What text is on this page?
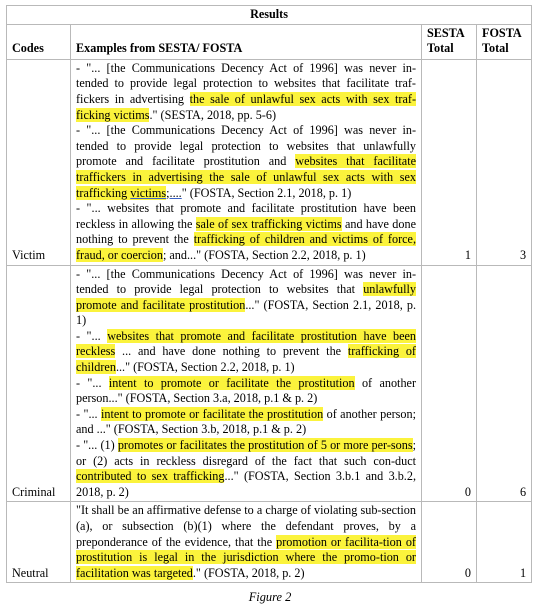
Results			
Codes	Examples from SESTA/ FOSTA	SESTA Total	FOSTA Total
Victim	- "... [the Communications Decency Act of 1996] was never in-tended to provide legal protection to websites that facilitate traf-fickers in advertising the sale of unlawful sex acts with sex traf-ficking victims." (SESTA, 2018, pp. 5-6)

- "... [the Communications Decency Act of 1996] was never in-tended to provide legal protection to websites that unlawfully promote and facilitate prostitution and websites that facilitate traffickers in advertising the sale of unlawful sex acts with sex trafficking victims;...." (FOSTA, Section 2.1, 2018, p. 1)

- "... websites that promote and facilitate prostitution have been reckless in allowing the sale of sex trafficking victims and have done nothing to prevent the trafficking of children and victims of force, fraud, or coercion; and..." (FOSTA, Section 2.2, 2018, p. 1)	1	3
Criminal	- "... [the Communications Decency Act of 1996] was never in-tended to provide legal protection to websites that unlawfully promote and facilitate prostitution..." (FOSTA, Section 2.1, 2018, p. 1)

- "... websites that promote and facilitate prostitution have been reckless ... and have done nothing to prevent the trafficking of children..." (FOSTA, Section 2.2, 2018, p. 1)

- "... intent to promote or facilitate the prostitution of another person..." (FOSTA, Section 3.a, 2018, p.1 & p. 2)

- "... intent to promote or facilitate the prostitution of another person; and ..." (FOSTA, Section 3.b, 2018, p.1 & p. 2)

- "... (1) promotes or facilitates the prostitution of 5 or more per-sons; or (2) acts in reckless disregard of the fact that such con-duct contributed to sex trafficking..." (FOSTA, Section 3.b.1 and 3.b.2, 2018, p. 2)	0	6
Neutral	"It shall be an affirmative defense to a charge of violating sub-section (a), or subsection (b)(1) where the defendant proves, by a preponderance of the evidence, that the promotion or facilita-tion of prostitution is legal in the jurisdiction where the promo-tion or facilitation was targeted." (FOSTA, 2018, p. 2)	0	1
Figure 2
